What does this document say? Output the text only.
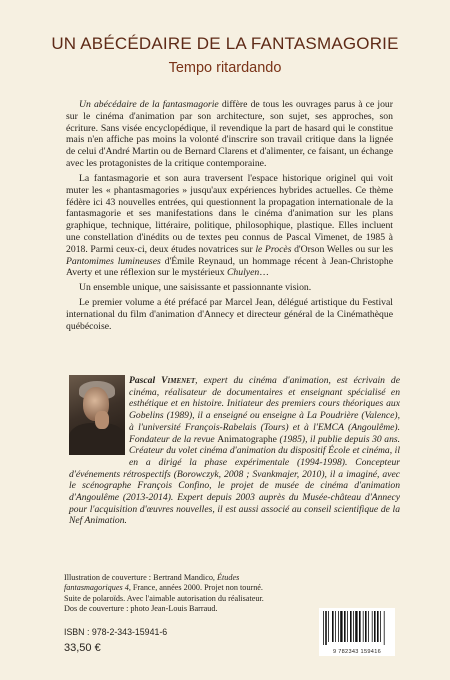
UN ABÉCÉDAIRE DE LA FANTASMAGORIE
Tempo ritardando

Un abécédaire de la fantasmagorie diffère de tous les ouvrages parus à ce jour sur le cinéma d'animation par son architecture, son sujet, ses approches, son écriture. Sans visée encyclopédique, il revendique la part de hasard qui le constitue mais n'en affiche pas moins la volonté d'inscrire son travail critique dans la lignée de celui d'André Martin ou de Bernard Clarens et d'alimenter, ce faisant, un échange avec les protagonistes de la critique contemporaine.

La fantasmagorie et son aura traversent l'espace historique originel qui voit muter les « phantasmagories » jusqu'aux expériences hybrides actuelles. Ce thème fédère ici 43 nouvelles entrées, qui questionnent la propagation internationale de la fantasmagorie et ses manifestations dans le cinéma d'animation sur les plans graphique, technique, littéraire, politique, philosophique, plastique. Elles incluent une constellation d'inédits ou de textes peu connus de Pascal Vimenet, de 1985 à 2018. Parmi ceux-ci, deux études novatrices sur le Procès d'Orson Welles ou sur les Pantomimes lumineuses d'Émile Reynaud, un hommage récent à Jean-Christophe Averty et une réflexion sur le mystérieux Chulyen…

Un ensemble unique, une saisissante et passionnante vision.

Le premier volume a été préfacé par Marcel Jean, délégué artistique du Festival international du film d'animation d'Annecy et directeur général de la Cinémathèque québécoise.

Pascal Vimenet, expert du cinéma d'animation, est écrivain de cinéma, réalisateur de documentaires et enseignant spécialisé en esthétique et en histoire. Initiateur des premiers cours théoriques aux Gobelins (1989), il a enseigné ou enseigne à La Poudrière (Valence), à l'université François-Rabelais (Tours) et à l'EMCA (Angoulême). Fondateur de la revue Animatographe (1985), il publie depuis 30 ans. Créateur du volet cinéma d'animation du dispositif École et cinéma, il en a dirigé la phase expérimentale (1994-1998). Concepteur d'événements rétrospectifs (Borowczyk, 2008 ; Svankmajer, 2010), il a imaginé, avec le scénographe François Confino, le projet de musée de cinéma d'animation d'Angoulême (2013-2014). Expert depuis 2003 auprès du Musée-château d'Annecy pour l'acquisition d'œuvres nouvelles, il est aussi associé au conseil scientifique de la Nef Animation.
Illustration de couverture : Bertrand Mandico, Études
fantasmagoriques 4, France, années 2000. Projet non tourné.
Suite de polaroïds. Avec l'aimable autorisation du réalisateur.
Dos de couverture : photo Jean-Louis Barraud.
ISBN : 978-2-343-15941-6
33,50 €	9 782343 159416
